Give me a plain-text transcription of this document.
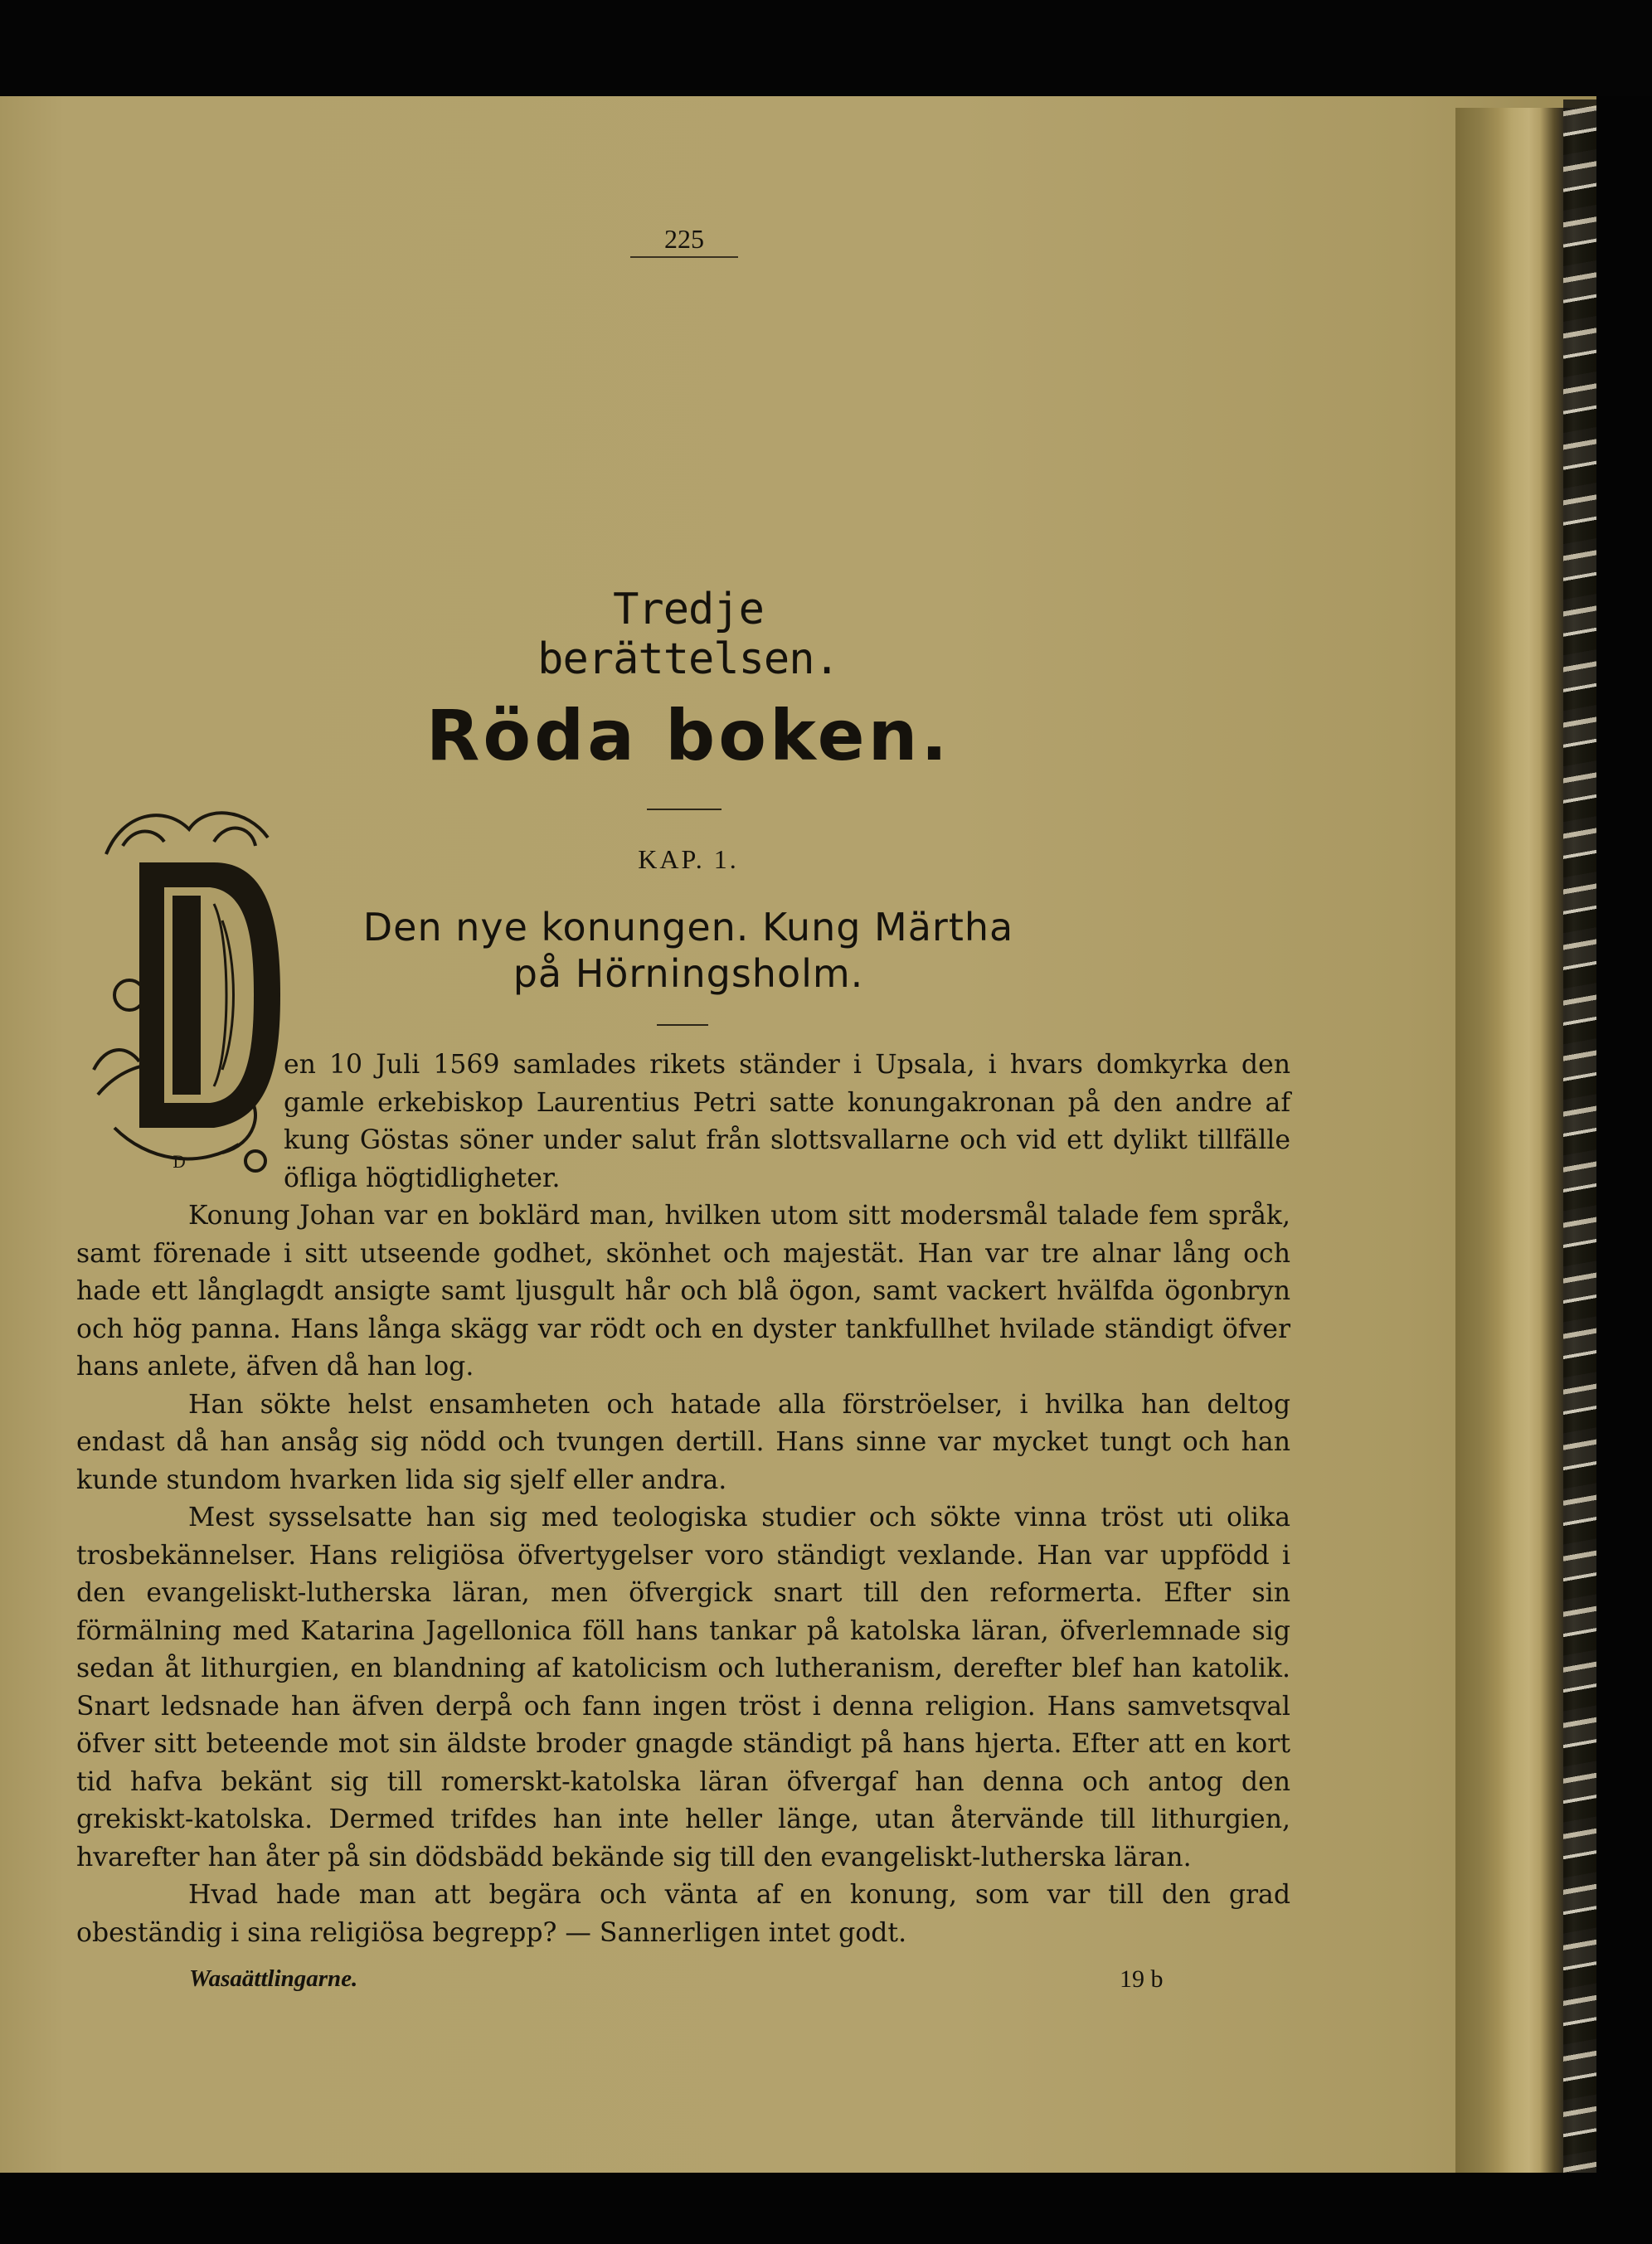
225
Tredje berättelsen.
Röda boken.
KAP. 1.
Den nye konungen. Kung Märtha
på Hörningsholm.
D

en 10 Juli 1569 samlades rikets ständer i Upsala, i hvars domkyrka den gamle erkebiskop Laurentius Petri satte konungakronan på den andre af kung Göstas söner under salut från slottsvallarne och vid ett dylikt tillfälle öfliga högtidligheter.

Konung Johan var en boklärd man, hvilken utom sitt modersmål talade fem språk, samt förenade i sitt utseende godhet, skönhet och majestät. Han var tre alnar lång och hade ett långlagdt ansigte samt ljusgult hår och blå ögon, samt vackert hvälfda ögonbryn och hög panna. Hans långa skägg var rödt och en dyster tankfullhet hvilade ständigt öfver hans anlete, äfven då han log.

Han sökte helst ensamheten och hatade alla förströelser, i hvilka han deltog endast då han ansåg sig nödd och tvungen dertill. Hans sinne var mycket tungt och han kunde stundom hvarken lida sig sjelf eller andra.

Mest sysselsatte han sig med teologiska studier och sökte vinna tröst uti olika trosbekännelser. Hans religiösa öfvertygelser voro ständigt vexlande. Han var uppfödd i den evangeliskt-lutherska läran, men öfvergick snart till den reformerta. Efter sin förmälning med Katarina Jagellonica föll hans tankar på katolska läran, öfverlemnade sig sedan åt lithurgien, en blandning af katolicism och lutheranism, derefter blef han katolik. Snart ledsnade han äfven derpå och fann ingen tröst i denna religion. Hans samvetsqval öfver sitt beteende mot sin äldste broder gnagde ständigt på hans hjerta. Efter att en kort tid hafva bekänt sig till romerskt-katolska läran öfvergaf han denna och antog den grekiskt-katolska. Dermed trifdes han inte heller länge, utan återvände till lithurgien, hvarefter han åter på sin dödsbädd bekände sig till den evangeliskt-lutherska läran.

Hvad hade man att begära och vänta af en konung, som var till den grad obeständig i sina religiösa begrepp? — Sannerligen intet godt.

Wasaättlingarne.	19 b
